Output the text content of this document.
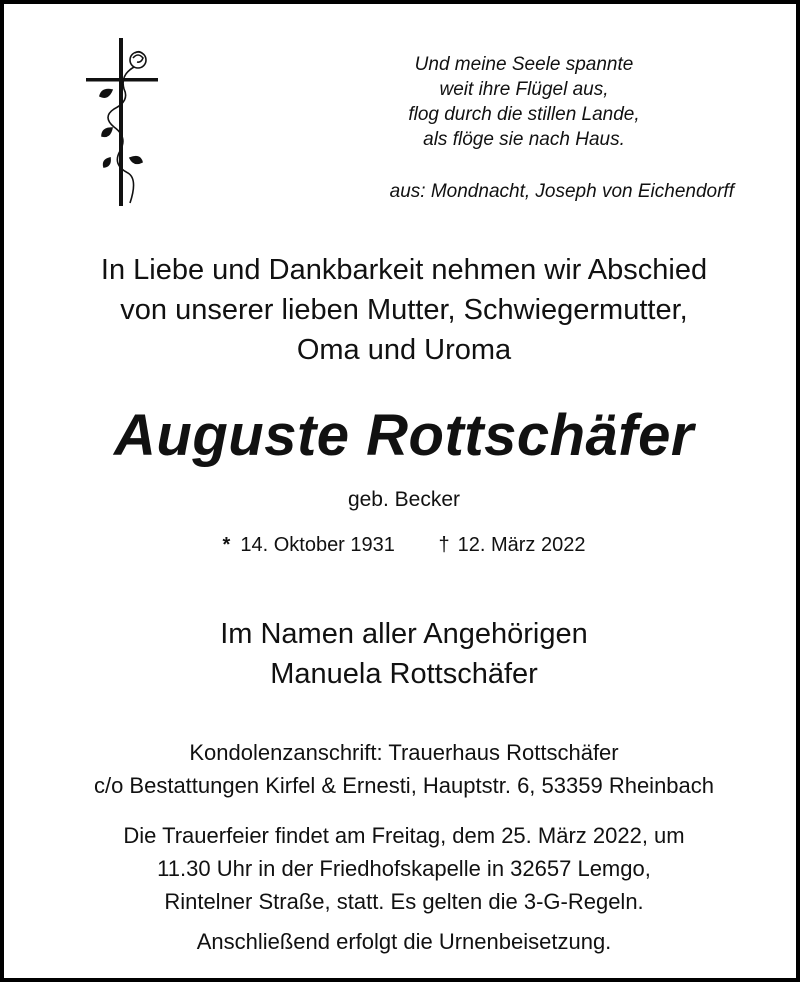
Und meine Seele spannte
weit ihre Flügel aus,
flog durch die stillen Lande,
als flöge sie nach Haus.
aus: Mondnacht, Joseph von Eichendorff
In Liebe und Dankbarkeit nehmen wir Abschied
von unserer lieben Mutter, Schwiegermutter,
Oma und Uroma
Auguste Rottschäfer
geb. Becker
* 14. Oktober 1931 † 12. März 2022
Im Namen aller Angehörigen
Manuela Rottschäfer
Kondolenzanschrift: Trauerhaus Rottschäfer
c/o Bestattungen Kirfel & Ernesti, Hauptstr. 6, 53359 Rheinbach
Die Trauerfeier findet am Freitag, dem 25. März 2022, um
11.30 Uhr in der Friedhofskapelle in 32657 Lemgo,
Rintelner Straße, statt. Es gelten die 3-G-Regeln.
Anschließend erfolgt die Urnenbeisetzung.
